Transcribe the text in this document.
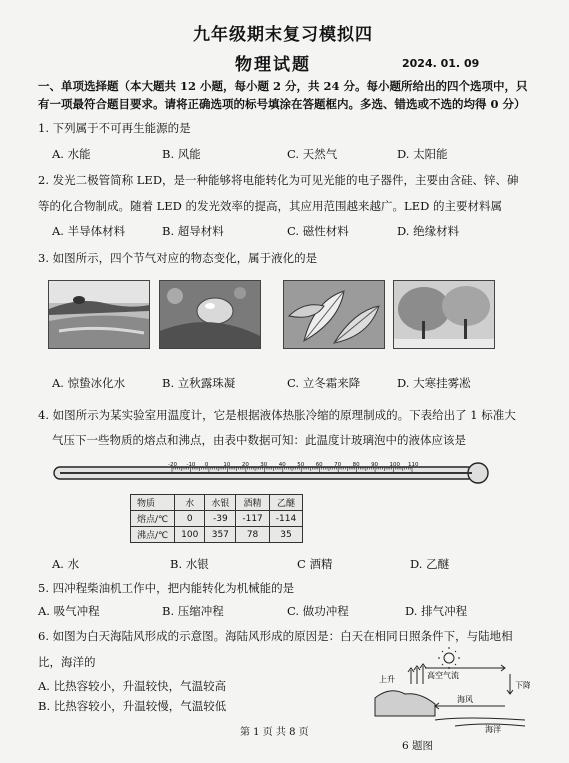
九年级期末复习模拟四
物理试题	2024. 01. 09
一、单项选择题（本大题共 12 小题，每小题 2 分，共 24 分。每小题所给出的四个选项中，只
有一项最符合题目要求。请将正确选项的标号填涂在答题框内。多选、错选或不选的均得 0 分）
1. 下列属于不可再生能源的是
A. 水能	B. 风能	C. 天然气	D. 太阳能
2. 发光二极管简称 LED，是一种能够将电能转化为可见光能的电子器件，主要由含硅、锌、砷
等的化合物制成。随着 LED 的发光效率的提高，其应用范围越来越广。LED 的主要材料属
A. 半导体材料	B. 超导材料	C. 磁性材料	D. 绝缘材料
3. 如图所示，四个节气对应的物态变化，属于液化的是
A. 惊蛰冰化水	B. 立秋露珠凝	C. 立冬霜来降	D. 大寒挂雾凇
4. 如图所示为某实验室用温度计，它是根据液体热胀冷缩的原理制成的。下表给出了 1 标准大
气压下一些物质的熔点和沸点，由表中数据可知：此温度计玻璃泡中的液体应该是
-20 -10 0	10 20 30 40 50 60 70 80 90 100 110
物质	水	水银	酒精	乙醚
熔点/℃	0	-39	-117	-114
沸点/℃	100	357	78	35
A. 水	B. 水银	C 酒精	D. 乙醚
5. 四冲程柴油机工作中，把内能转化为机械能的是
A. 吸气冲程	B. 压缩冲程	C. 做功冲程	D. 排气冲程
6. 如图为白天海陆风形成的示意图。海陆风形成的原因是：白天在相同日照条件下，与陆地相
比，海洋的
A. 比热容较小，升温较快，气温较高
B. 比热容较小，升温较慢，气温较低
上升	高空气流
下降
海风
海洋
6 题图
第 1 页 共 8 页
